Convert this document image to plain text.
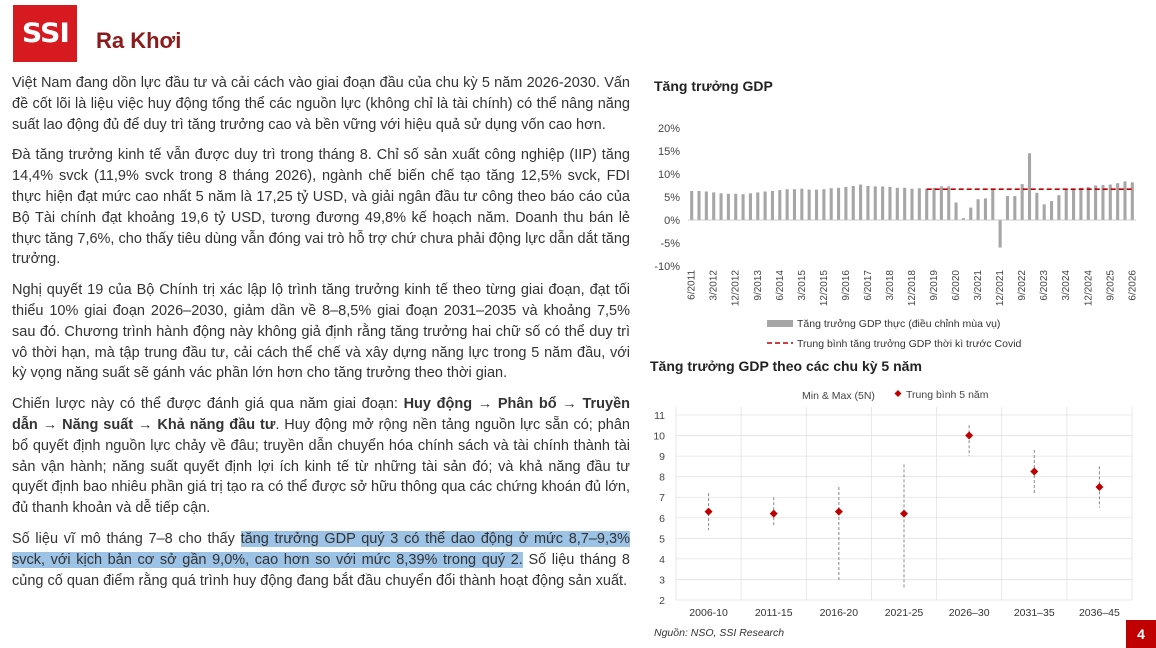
SSI Ra Khơi

Việt Nam đang dồn lực đầu tư và cải cách vào giai đoạn đầu của chu kỳ 5 năm 2026-2030. Vấn đề cốt lõi là liệu việc huy động tổng thể các nguồn lực (không chỉ là tài chính) có thể nâng năng suất lao động đủ để duy trì tăng trưởng cao và bền vững với hiệu quả sử dụng vốn cao hơn.

Đà tăng trưởng kinh tế vẫn được duy trì trong tháng 8. Chỉ số sản xuất công nghiệp (IIP) tăng 14,4% svck (11,9% svck trong 8 tháng 2026), ngành chế biến chế tạo tăng 12,5% svck, FDI thực hiện đạt mức cao nhất 5 năm là 17,25 tỷ USD, và giải ngân đầu tư công theo báo cáo của Bộ Tài chính đạt khoảng 19,6 tỷ USD, tương đương 49,8% kế hoạch năm. Doanh thu bán lẻ thực tăng 7,6%, cho thấy tiêu dùng vẫn đóng vai trò hỗ trợ chứ chưa phải động lực dẫn dắt tăng trưởng.

Nghị quyết 19 của Bộ Chính trị xác lập lộ trình tăng trưởng kinh tế theo từng giai đoạn, đạt tối thiểu 10% giai đoạn 2026–2030, giảm dần về 8–8,5% giai đoạn 2031–2035 và khoảng 7,5% sau đó. Chương trình hành động này không giả định rằng tăng trưởng hai chữ số có thể duy trì vô thời hạn, mà tập trung đầu tư, cải cách thể chế và xây dựng năng lực trong 5 năm đầu, với kỳ vọng năng suất sẽ gánh vác phần lớn hơn cho tăng trưởng theo thời gian.

Chiến lược này có thể được đánh giá qua năm giai đoạn: Huy động → Phân bổ → Truyền dẫn → Năng suất → Khả năng đầu tư. Huy động mở rộng nền tảng nguồn lực sẵn có; phân bổ quyết định nguồn lực chảy về đâu; truyền dẫn chuyển hóa chính sách và tài chính thành tài sản vận hành; năng suất quyết định lợi ích kinh tế từ những tài sản đó; và khả năng đầu tư quyết định bao nhiêu phần giá trị tạo ra có thể được sở hữu thông qua các chứng khoán đủ lớn, đủ thanh khoản và dễ tiếp cận.

Số liệu vĩ mô tháng 7–8 cho thấy tăng trưởng GDP quý 3 có thể dao động ở mức 8,7–9,3% svck, với kịch bản cơ sở gần 9,0%, cao hơn so với mức 8,39% trong quý 2. Số liệu tháng 8 củng cố quan điểm rằng quá trình huy động đang bắt đầu chuyển đổi thành hoạt động sản xuất.

Tăng trưởng GDP
20%
15%
10%
5%
0%
-5%
-10%
6/2011 3/2012 12/2012 9/2013 6/2014 3/2015 12/2015 9/2016 6/2017 3/2018 12/2018 9/2019 6/2020 3/2021 12/2021 9/2022 6/2023 3/2024 12/2024 9/2025 6/2026
Tăng trưởng GDP thực (điều chỉnh mùa vụ)
Trung bình tăng trưởng GDP thời kì trước Covid
Tăng trưởng GDP theo các chu kỳ 5 năm
2
3
4
5
6
7
8
9
10
11
2006-10	2011-15	2016-20	2021-25 2026–30 2031–35 2036–45
Min & Max (5N)	Trung bình 5 năm
Nguồn: NSO, SSI Research	4
